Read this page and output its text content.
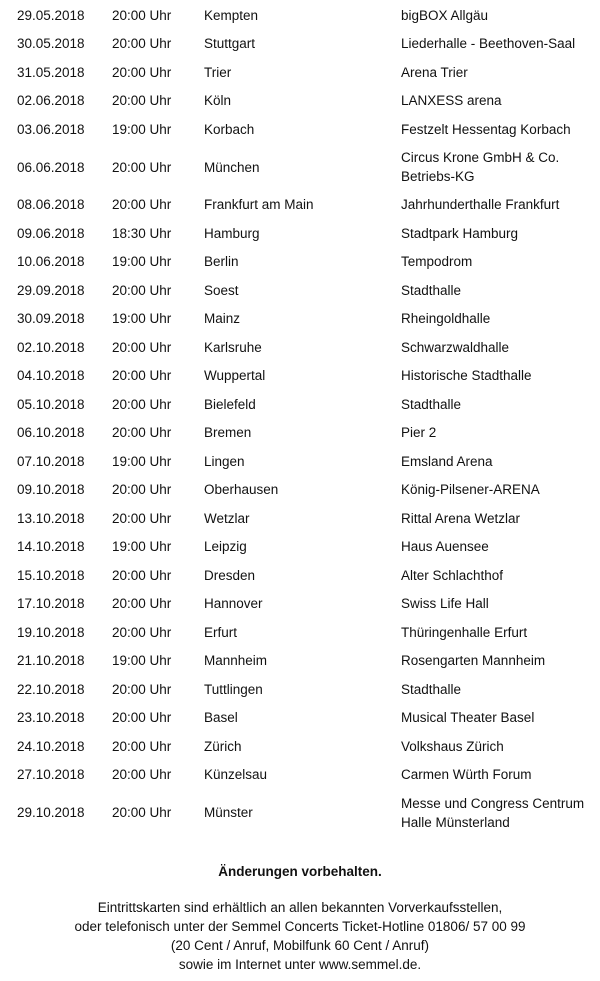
29.05.2018	20:00 Uhr	Kempten	bigBOX Allgäu
30.05.2018	20:00 Uhr	Stuttgart	Liederhalle - Beethoven-Saal
31.05.2018	20:00 Uhr	Trier	Arena Trier
02.06.2018	20:00 Uhr	Köln	LANXESS arena
03.06.2018	19:00 Uhr	Korbach	Festzelt Hessentag Korbach
06.06.2018	20:00 Uhr	München	Circus Krone GmbH & Co. Betriebs-KG
08.06.2018	20:00 Uhr	Frankfurt am Main	Jahrhunderthalle Frankfurt
09.06.2018	18:30 Uhr	Hamburg	Stadtpark Hamburg
10.06.2018	19:00 Uhr	Berlin	Tempodrom
29.09.2018	20:00 Uhr	Soest	Stadthalle
30.09.2018	19:00 Uhr	Mainz	Rheingoldhalle
02.10.2018	20:00 Uhr	Karlsruhe	Schwarzwaldhalle
04.10.2018	20:00 Uhr	Wuppertal	Historische Stadthalle
05.10.2018	20:00 Uhr	Bielefeld	Stadthalle
06.10.2018	20:00 Uhr	Bremen	Pier 2
07.10.2018	19:00 Uhr	Lingen	Emsland Arena
09.10.2018	20:00 Uhr	Oberhausen	König-Pilsener-ARENA
13.10.2018	20:00 Uhr	Wetzlar	Rittal Arena Wetzlar
14.10.2018	19:00 Uhr	Leipzig	Haus Auensee
15.10.2018	20:00 Uhr	Dresden	Alter Schlachthof
17.10.2018	20:00 Uhr	Hannover	Swiss Life Hall
19.10.2018	20:00 Uhr	Erfurt	Thüringenhalle Erfurt
21.10.2018	19:00 Uhr	Mannheim	Rosengarten Mannheim
22.10.2018	20:00 Uhr	Tuttlingen	Stadthalle
23.10.2018	20:00 Uhr	Basel	Musical Theater Basel
24.10.2018	20:00 Uhr	Zürich	Volkshaus Zürich
27.10.2018	20:00 Uhr	Künzelsau	Carmen Würth Forum
29.10.2018	20:00 Uhr	Münster	Messe und Congress Centrum Halle Münsterland
Änderungen vorbehalten.
Eintrittskarten sind erhältlich an allen bekannten Vorverkaufsstellen,
oder telefonisch unter der Semmel Concerts Ticket-Hotline 01806/ 57 00 99
(20 Cent / Anruf, Mobilfunk 60 Cent / Anruf)
sowie im Internet unter www.semmel.de.
